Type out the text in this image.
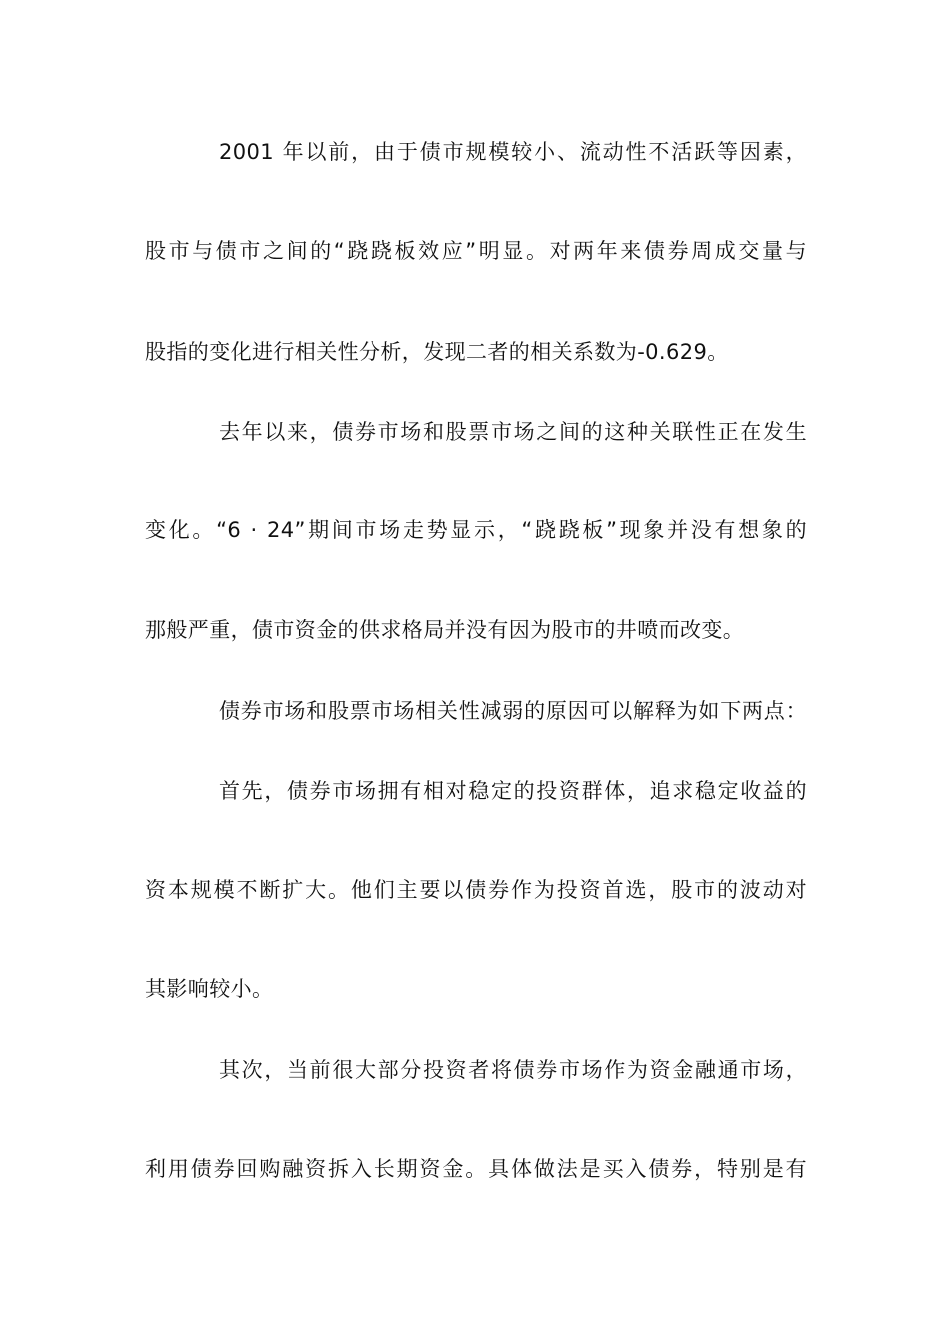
2001 年以前，由于债市规模较小、流动性不活跃等因素，
股市与债市之间的“跷跷板效应”明显。对两年来债券周成交量与
股指的变化进行相关性分析，发现二者的相关系数为-0.629。
去年以来，债券市场和股票市场之间的这种关联性正在发生
变化。“6 · 24”期间市场走势显示，“跷跷板”现象并没有想象的
那般严重，债市资金的供求格局并没有因为股市的井喷而改变。
债券市场和股票市场相关性减弱的原因可以解释为如下两点：
首先，债券市场拥有相对稳定的投资群体，追求稳定收益的
资本规模不断扩大。他们主要以债券作为投资首选，股市的波动对
其影响较小。
其次，当前很大部分投资者将债券市场作为资金融通市场，
利用债券回购融资拆入长期资金。具体做法是买入债券，特别是有
